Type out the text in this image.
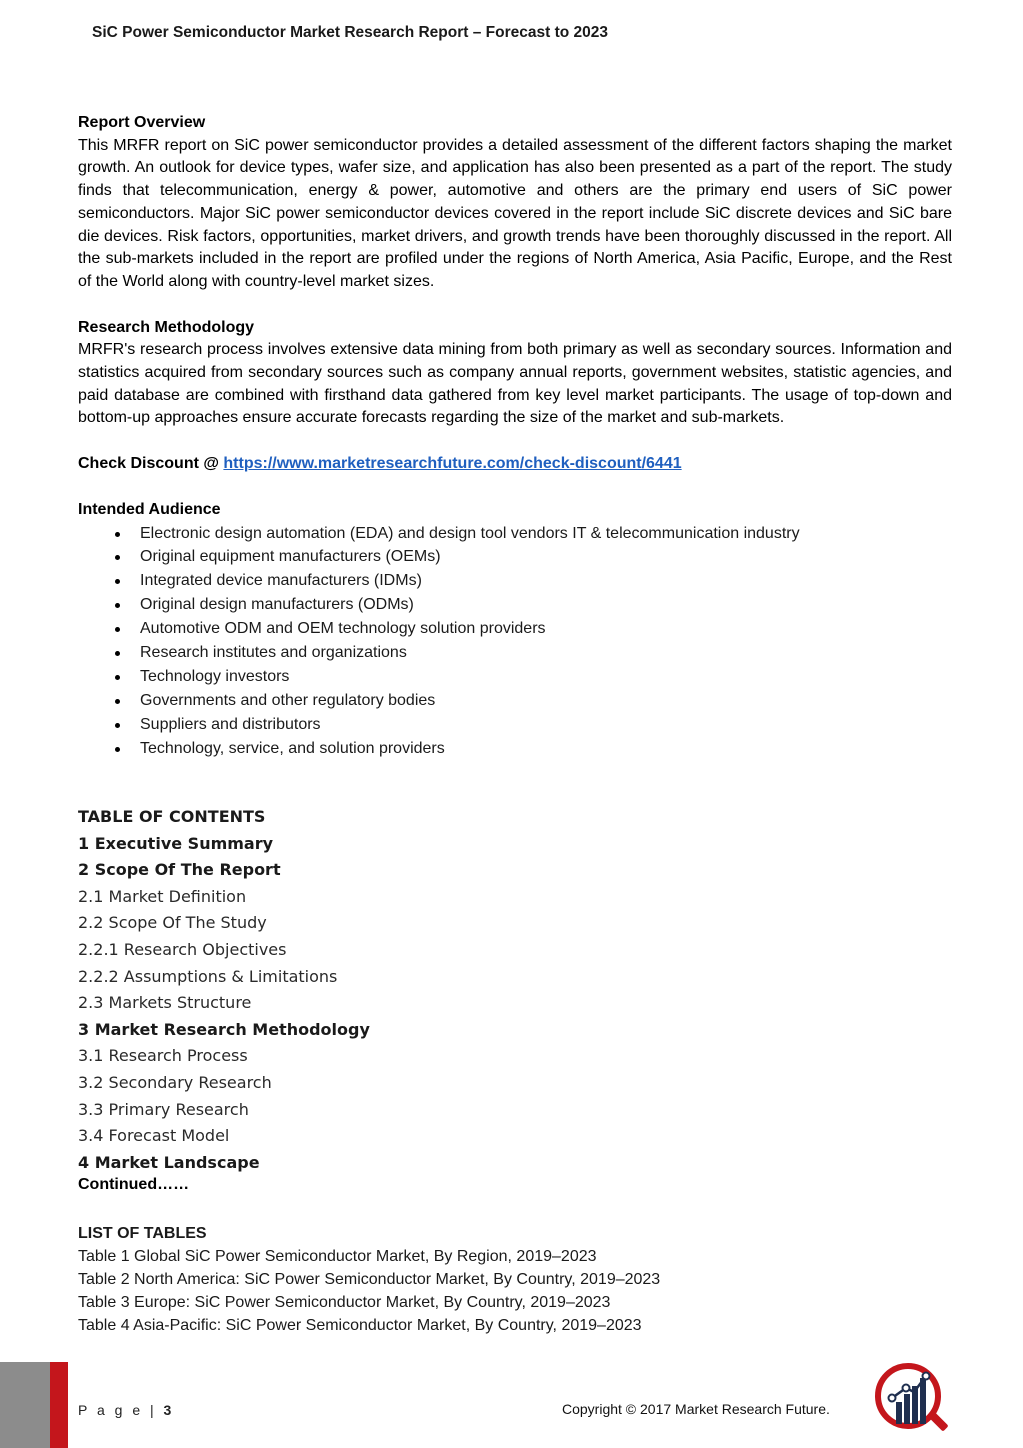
SiC Power Semiconductor Market Research Report – Forecast to 2023
Report Overview
This MRFR report on SiC power semiconductor provides a detailed assessment of the different factors shaping the market growth. An outlook for device types, wafer size, and application has also been presented as a part of the report. The study finds that telecommunication, energy & power, automotive and others are the primary end users of SiC power semiconductors. Major SiC power semiconductor devices covered in the report include SiC discrete devices and SiC bare die devices. Risk factors, opportunities, market drivers, and growth trends have been thoroughly discussed in the report. All the sub-markets included in the report are profiled under the regions of North America, Asia Pacific, Europe, and the Rest of the World along with country-level market sizes.
Research Methodology
MRFR's research process involves extensive data mining from both primary as well as secondary sources. Information and statistics acquired from secondary sources such as company annual reports, government websites, statistic agencies, and paid database are combined with firsthand data gathered from key level market participants. The usage of top-down and bottom-up approaches ensure accurate forecasts regarding the size of the market and sub-markets.
Check Discount @ https://www.marketresearchfuture.com/check-discount/6441
Intended Audience
Electronic design automation (EDA) and design tool vendors IT & telecommunication industry
Original equipment manufacturers (OEMs)
Integrated device manufacturers (IDMs)
Original design manufacturers (ODMs)
Automotive ODM and OEM technology solution providers
Research institutes and organizations
Technology investors
Governments and other regulatory bodies
Suppliers and distributors
Technology, service, and solution providers
TABLE OF CONTENTS
1 Executive Summary
2 Scope Of The Report
2.1 Market Definition
2.2 Scope Of The Study
2.2.1 Research Objectives
2.2.2 Assumptions & Limitations
2.3 Markets Structure
3 Market Research Methodology
3.1 Research Process
3.2 Secondary Research
3.3 Primary Research
3.4 Forecast Model
4 Market Landscape
Continued……
LIST OF TABLES
Table 1 Global SiC Power Semiconductor Market, By Region, 2019–2023
Table 2 North America: SiC Power Semiconductor Market, By Country, 2019–2023
Table 3 Europe: SiC Power Semiconductor Market, By Country, 2019–2023
Table 4 Asia-Pacific: SiC Power Semiconductor Market, By Country, 2019–2023
P a g e | 3	Copyright © 2017 Market Research Future.
